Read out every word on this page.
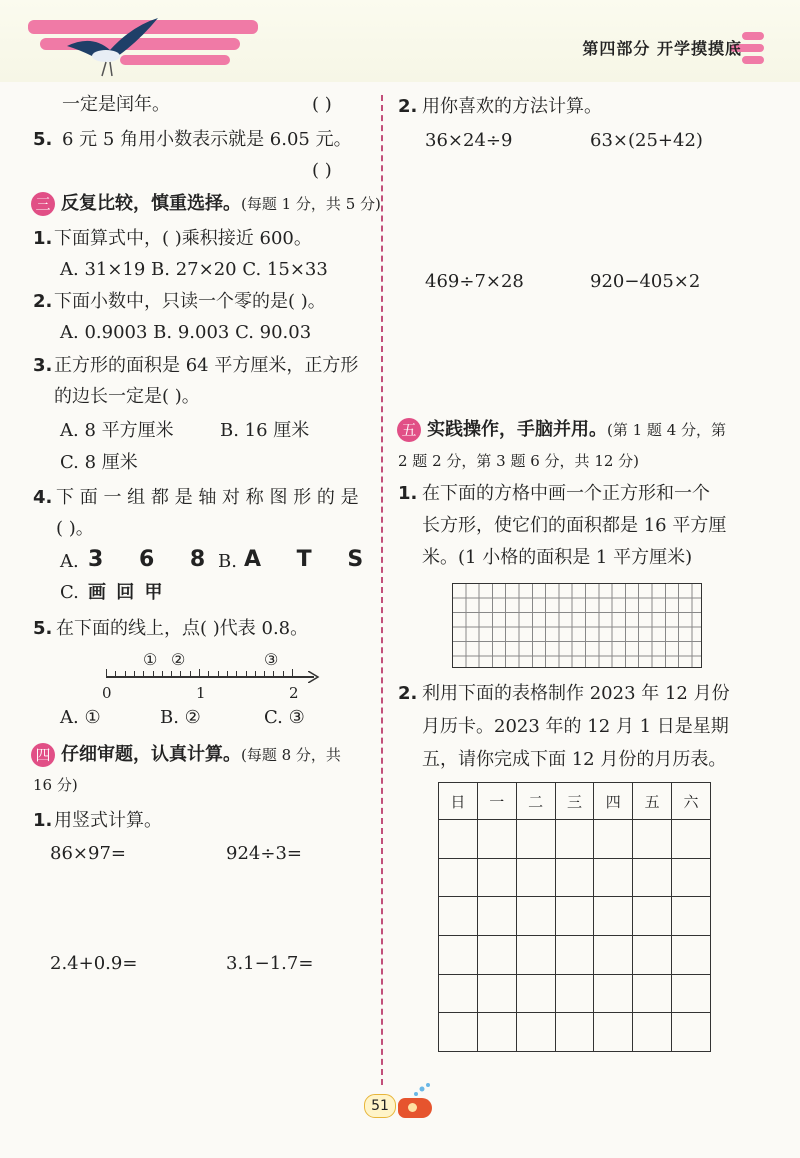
第四部分 开学摸摸底
一定是闰年。	( )
5. 6 元 5 角用小数表示就是 6.05 元。
( )
三 反复比较，慎重选择。(每题 1 分，共 5 分)
1. 下面算式中，( )乘积接近 600。
A. 31×19 B. 27×20 C. 15×33
2. 下面小数中，只读一个零的是( )。
A. 0.9003 B. 9.003 C. 90.03
3. 正方形的面积是 64 平方厘米，正方形
的边长一定是( )。
A. 8 平方厘米	B. 16 厘米
C. 8 厘米
4. 下 面 一 组 都 是 轴 对 称 图 形 的 是
( )。
A. 3 6 8
B. A T S
C. 画 回 甲
5. 在下面的线上，点( )代表 0.8。
① ②	③
0	1	2
A. ①	B. ②	C. ③
四 仔细审题，认真计算。(每题 8 分，共
16 分)
1. 用竖式计算。
86×97=	924÷3=
2.4+0.9=	3.1−1.7=
2. 用你喜欢的方法计算。
36×24÷9	63×(25+42)
469÷7×28	920−405×2
五 实践操作，手脑并用。(第 1 题 4 分，第
2 题 2 分，第 3 题 6 分，共 12 分)
1. 在下面的方格中画一个正方形和一个
长方形，使它们的面积都是 16 平方厘
米。(1 小格的面积是 1 平方厘米)
2. 利用下面的表格制作 2023 年 12 月份
月历卡。2023 年的 12 月 1 日是星期
五，请你完成下面 12 月份的月历表。
日	一	二	三	四	五	六

51
